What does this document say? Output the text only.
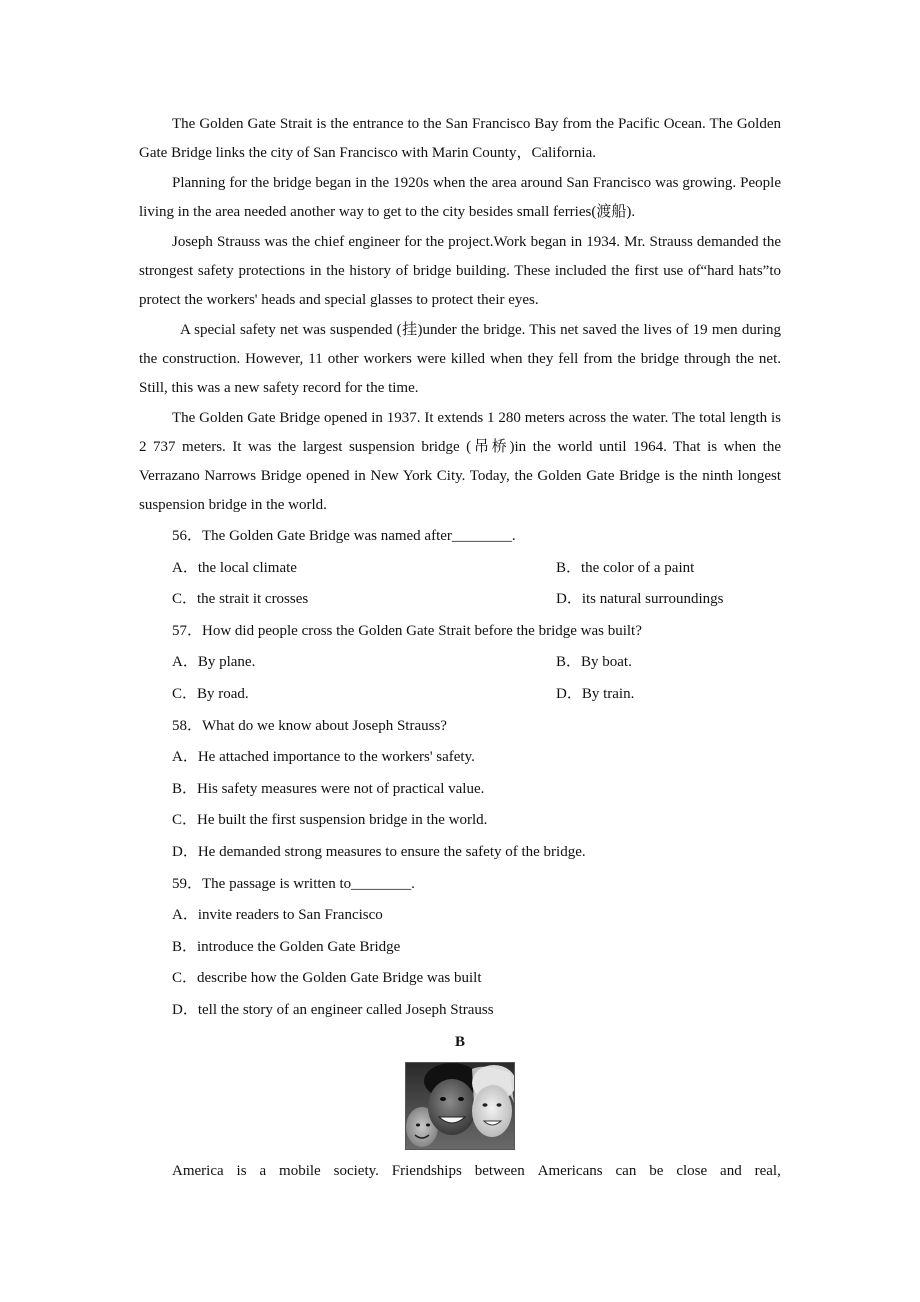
The Golden Gate Strait is the entrance to the San Francisco Bay from the Pacific Ocean. The Golden Gate Bridge links the city of San Francisco with Marin County，California.

Planning for the bridge began in the 1920s when the area around San Francisco was growing. People living in the area needed another way to get to the city besides small ferries(渡船).

Joseph Strauss was the chief engineer for the project.Work began in 1934. Mr. Strauss demanded the strongest safety protections in the history of bridge building. These included the first use of“hard hats”to protect the workers' heads and special glasses to protect their eyes.

A special safety net was suspended (挂)under the bridge. This net saved the lives of 19 men during the construction. However, 11 other workers were killed when they fell from the bridge through the net. Still, this was a new safety record for the time.

The Golden Gate Bridge opened in 1937. It extends 1 280 meters across the water. The total length is 2 737 meters. It was the largest suspension bridge (吊桥)in the world until 1964. That is when the Verrazano Narrows Bridge opened in New York City. Today, the Golden Gate Bridge is the ninth longest suspension bridge in the world.

56．The Golden Gate Bridge was named after________.

A．the local climate	B．the color of a paint
C．the strait it crosses	D．its natural surroundings

57．How did people cross the Golden Gate Strait before the bridge was built?

A．By plane.	B．By boat.
C．By road.	D．By train.

58．What do we know about Joseph Strauss?

A．He attached importance to the workers' safety.

B．His safety measures were not of practical value.

C．He built the first suspension bridge in the world.

D．He demanded strong measures to ensure the safety of the bridge.

59．The passage is written to________.

A．invite readers to San Francisco

B．introduce the Golden Gate Bridge

C．describe how the Golden Gate Bridge was built

D．tell the story of an engineer called Joseph Strauss

B

America is a mobile society. Friendships between Americans can be close and real,
